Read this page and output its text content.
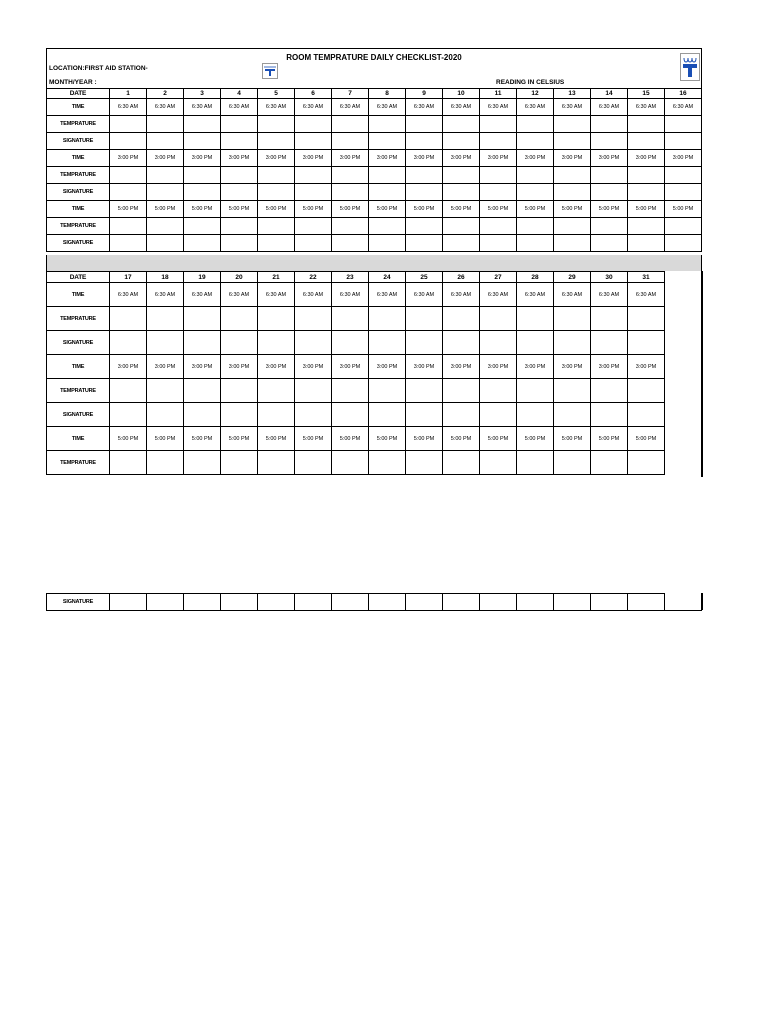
ROOM TEMPRATURE DAILY CHECKLIST-2020
LOCATION:FIRST AID STATION-
MONTH/YEAR :	READING IN CELSIUS
DATE	1	2	3	4	5	6	7	8	9	10	11	12	13	14	15	16
TIME	6:30 AM	6:30 AM	6:30 AM	6:30 AM	6:30 AM	6:30 AM	6:30 AM	6:30 AM	6:30 AM	6:30 AM	6:30 AM	6:30 AM	6:30 AM	6:30 AM	6:30 AM	6:30 AM
TEMPRATURE																
SIGNATURE																
TIME	3:00 PM	3:00 PM	3:00 PM	3:00 PM	3:00 PM	3:00 PM	3:00 PM	3:00 PM	3:00 PM	3:00 PM	3:00 PM	3:00 PM	3:00 PM	3:00 PM	3:00 PM	3:00 PM
TEMPRATURE																
SIGNATURE																
TIME	5:00 PM	5:00 PM	5:00 PM	5:00 PM	5:00 PM	5:00 PM	5:00 PM	5:00 PM	5:00 PM	5:00 PM	5:00 PM	5:00 PM	5:00 PM	5:00 PM	5:00 PM	5:00 PM
TEMPRATURE																
SIGNATURE																
DATE	17	18	19	20	21	22	23	24	25	26	27	28	29	30	31	
TIME	6:30 AM	6:30 AM	6:30 AM	6:30 AM	6:30 AM	6:30 AM	6:30 AM	6:30 AM	6:30 AM	6:30 AM	6:30 AM	6:30 AM	6:30 AM	6:30 AM	6:30 AM	
TEMPRATURE																
SIGNATURE																
TIME	3:00 PM	3:00 PM	3:00 PM	3:00 PM	3:00 PM	3:00 PM	3:00 PM	3:00 PM	3:00 PM	3:00 PM	3:00 PM	3:00 PM	3:00 PM	3:00 PM	3:00 PM	
TEMPRATURE																
SIGNATURE																
TIME	5:00 PM	5:00 PM	5:00 PM	5:00 PM	5:00 PM	5:00 PM	5:00 PM	5:00 PM	5:00 PM	5:00 PM	5:00 PM	5:00 PM	5:00 PM	5:00 PM	5:00 PM	
TEMPRATURE																
SIGNATURE																
